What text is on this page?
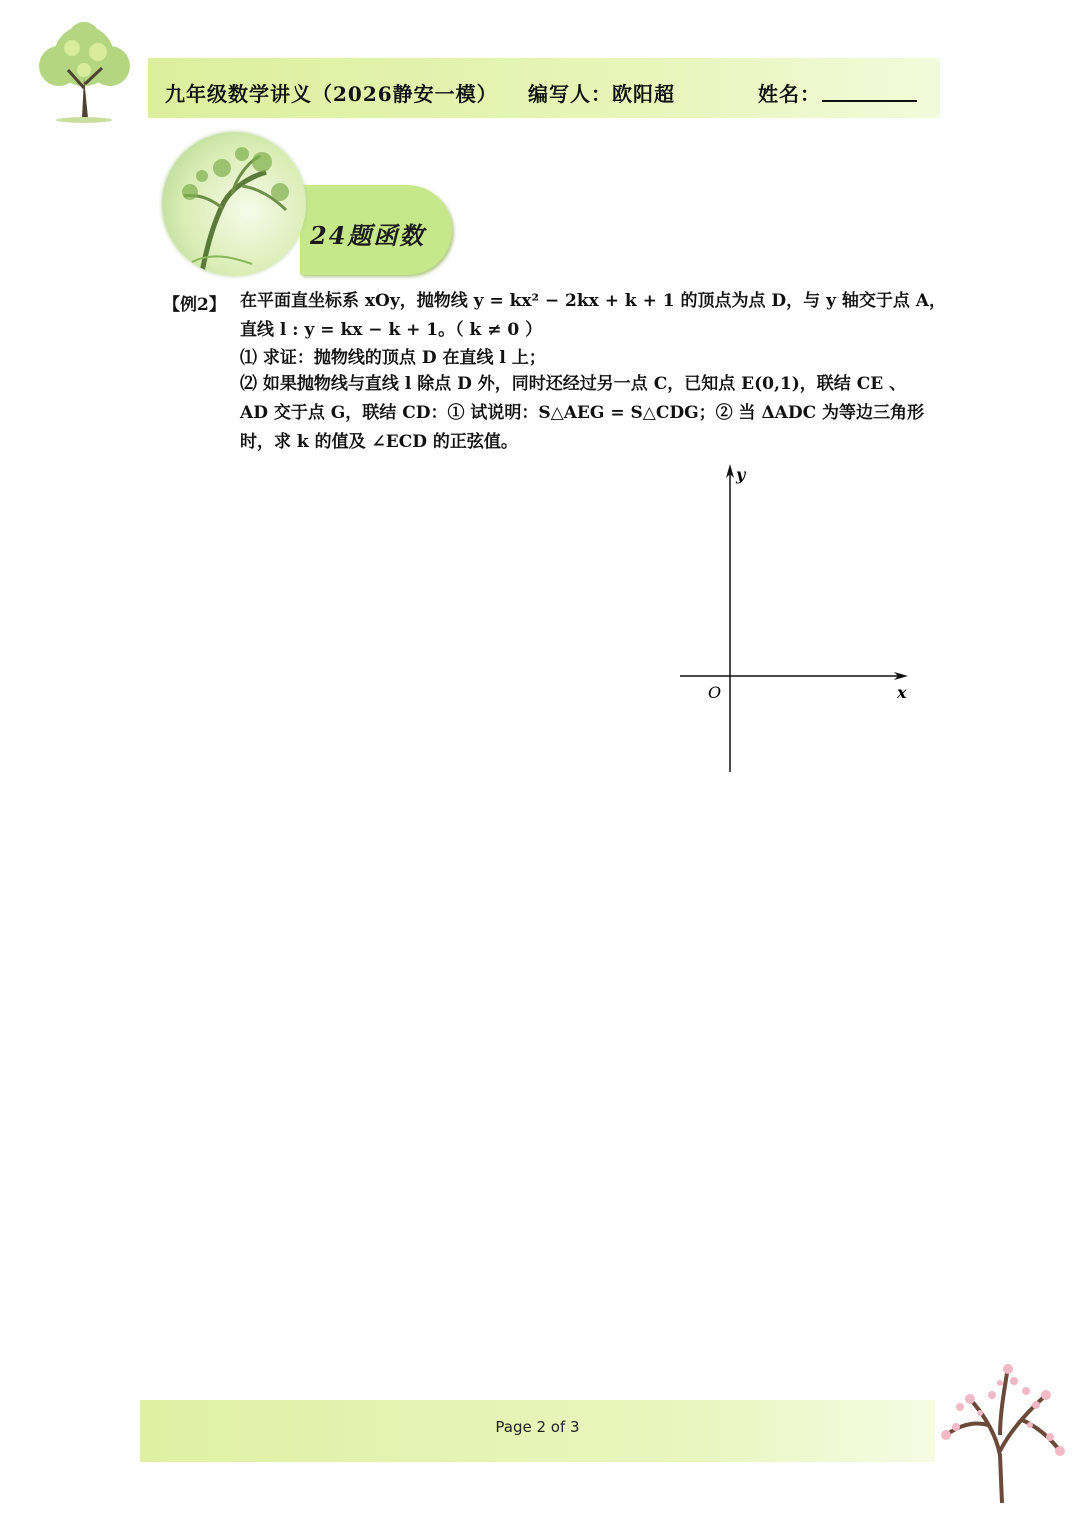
九年级数学讲义（2026静安一模） 编写人：欧阳超	姓名：
24题函数
【例2】 在平面直坐标系 xOy，抛物线 y = kx² − 2kx + k + 1 的顶点为点 D，与 y 轴交于点 A，
直线 l : y = kx − k + 1。（ k ≠ 0 ）
⑴ 求证：抛物线的顶点 D 在直线 l 上；
⑵ 如果抛物线与直线 l 除点 D 外，同时还经过另一点 C，已知点 E(0,1)，联结 CE 、
AD 交于点 G，联结 CD：① 试说明：S△AEG = S△CDG；② 当 ΔADC 为等边三角形
时，求 k 的值及 ∠ECD 的正弦值。
y
x
O
Page 2 of 3
